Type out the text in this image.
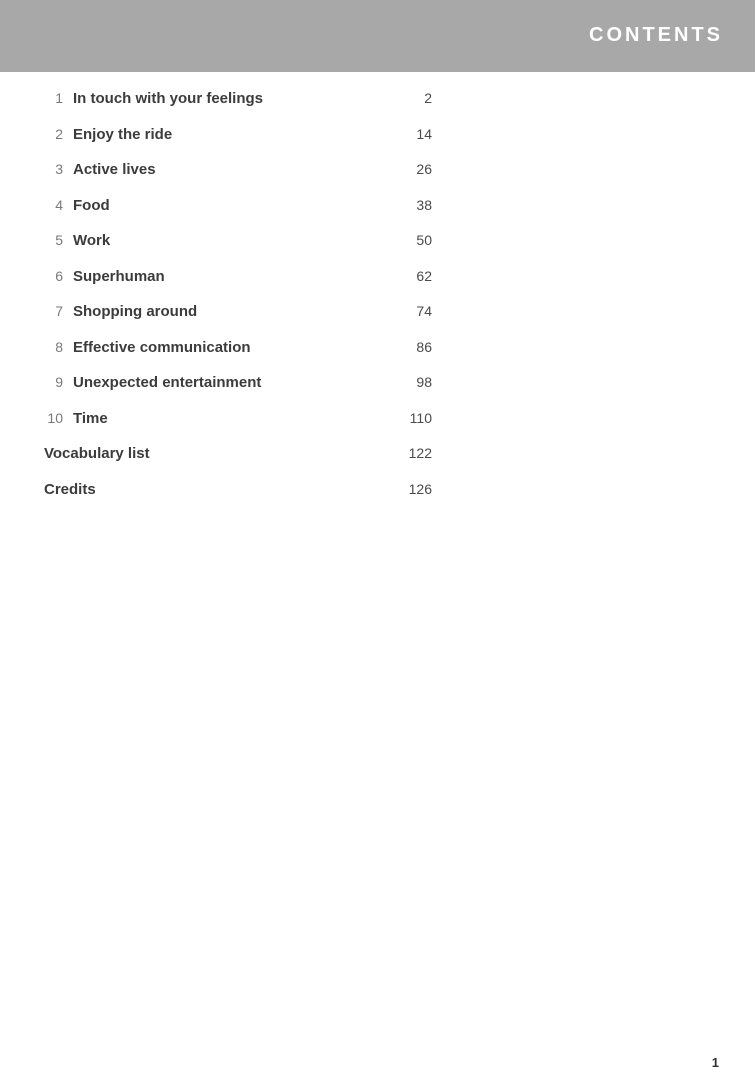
CONTENTS
1 In touch with your feelings	2
2 Enjoy the ride	14
3 Active lives	26
4 Food	38
5 Work	50
6 Superhuman	62
7 Shopping around	74
8 Effective communication	86
9 Unexpected entertainment	98
10 Time	110
Vocabulary list	122
Credits	126
1
